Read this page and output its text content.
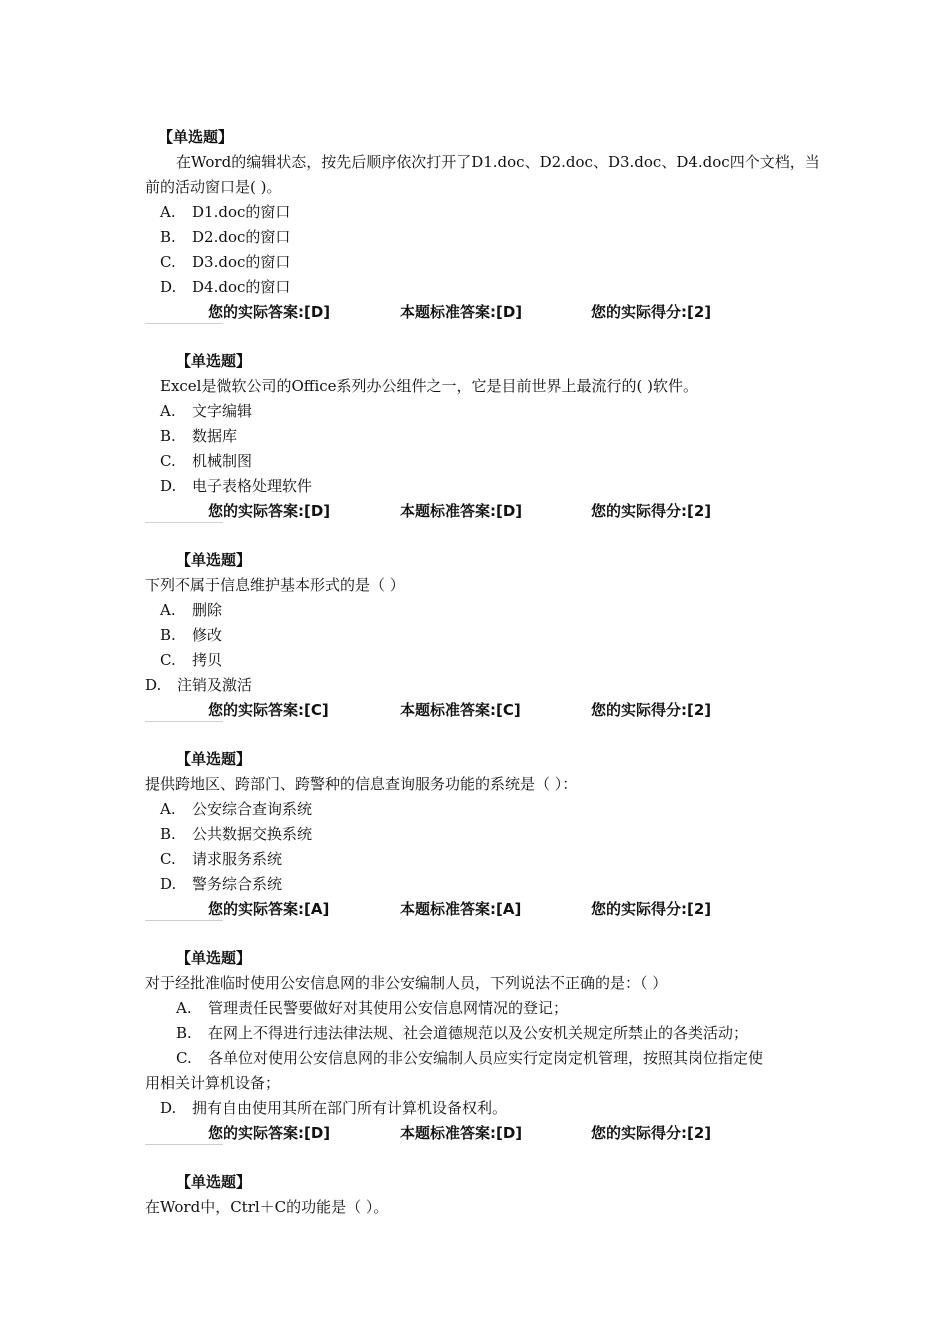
【单选题】
在Word的编辑状态，按先后顺序依次打开了D1.doc、D2.doc、D3.doc、D4.doc四个文档，当
前的活动窗口是( )。
A. D1.doc的窗口
B. D2.doc的窗口
C. D3.doc的窗口
D. D4.doc的窗口
您的实际答案:[D]	本题标准答案:[D]	您的实际得分:[2]
【单选题】
Excel是微软公司的Office系列办公组件之一，它是目前世界上最流行的( )软件。
A. 文字编辑
B. 数据库
C. 机械制图
D. 电子表格处理软件
您的实际答案:[D]	本题标准答案:[D]	您的实际得分:[2]
【单选题】
下列不属于信息维护基本形式的是（ ）
A. 删除
B. 修改
C. 拷贝
D. 注销及激活
您的实际答案:[C]	本题标准答案:[C]	您的实际得分:[2]
【单选题】
提供跨地区、跨部门、跨警种的信息查询服务功能的系统是（ ）：
A. 公安综合查询系统
B. 公共数据交换系统
C. 请求服务系统
D. 警务综合系统
您的实际答案:[A]	本题标准答案:[A]	您的实际得分:[2]
【单选题】
对于经批准临时使用公安信息网的非公安编制人员，下列说法不正确的是：（ ）
A. 管理责任民警要做好对其使用公安信息网情况的登记；
B. 在网上不得进行违法律法规、社会道德规范以及公安机关规定所禁止的各类活动；
C. 各单位对使用公安信息网的非公安编制人员应实行定岗定机管理，按照其岗位指定使
用相关计算机设备；
D. 拥有自由使用其所在部门所有计算机设备权利。
您的实际答案:[D]	本题标准答案:[D]	您的实际得分:[2]
【单选题】
在Word中，Ctrl＋C的功能是（ ）。
